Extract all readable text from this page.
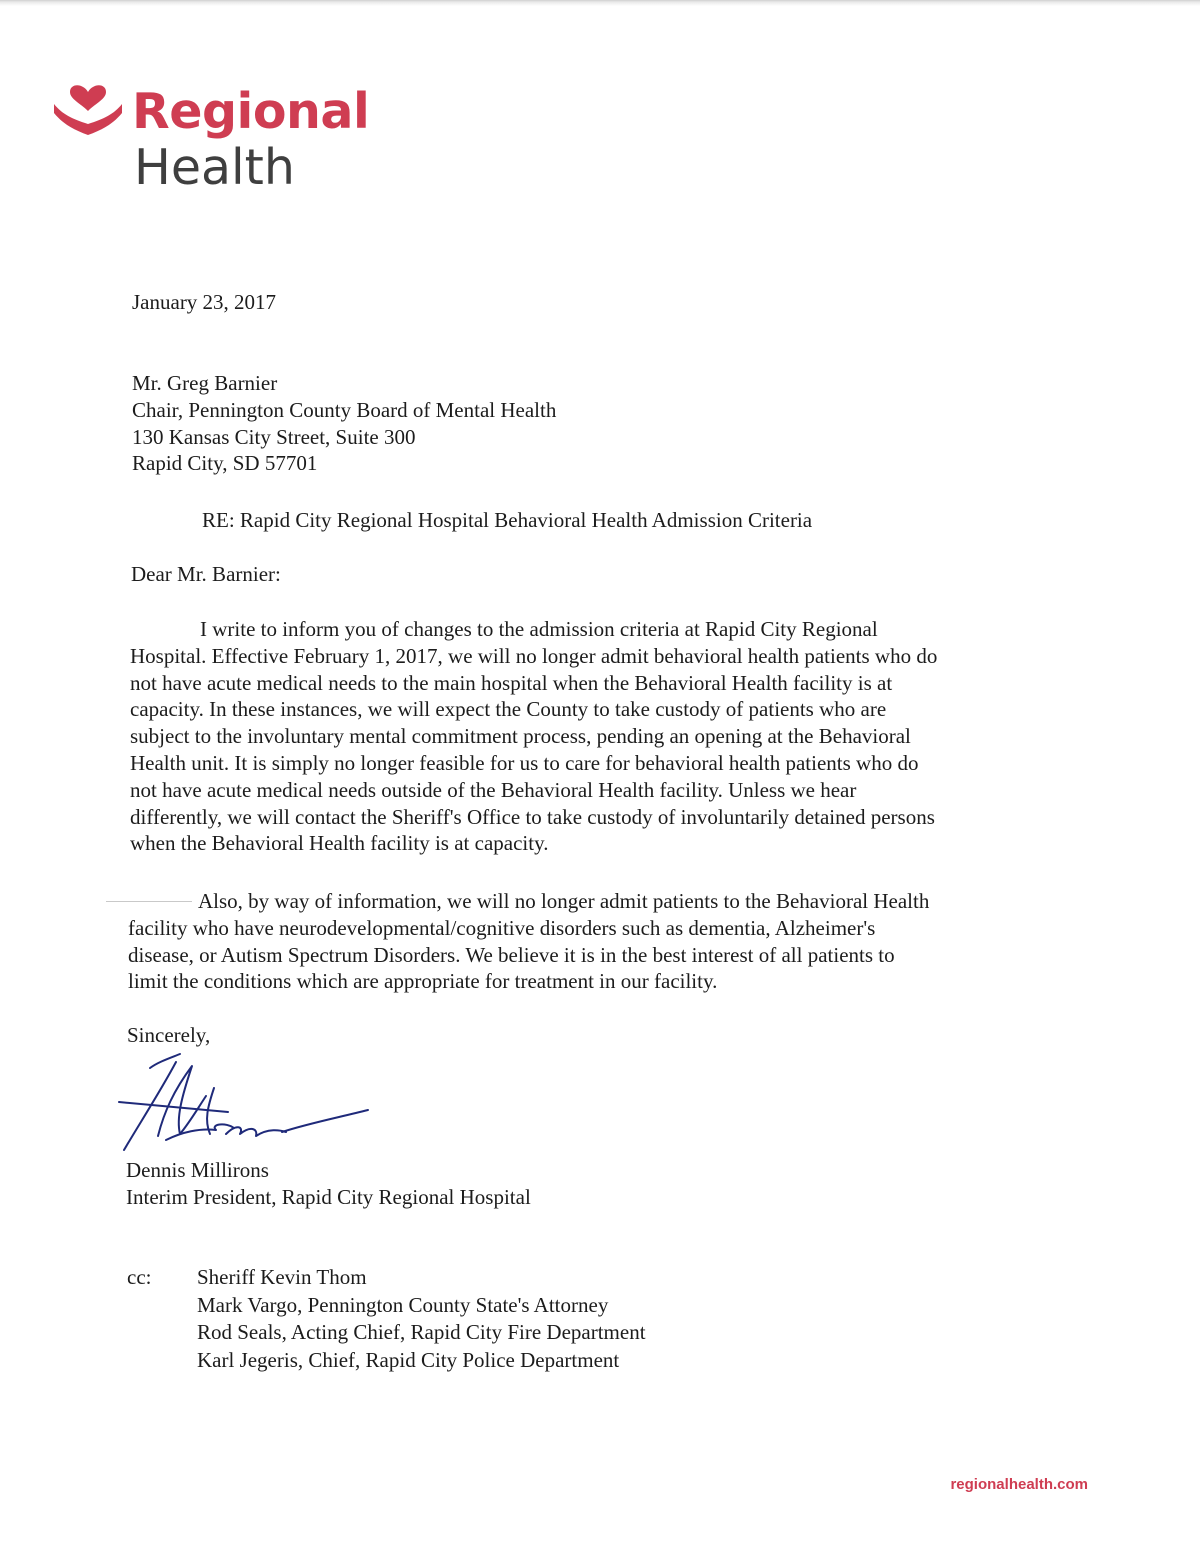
Regional
Health

January 23, 2017

Mr. Greg Barnier
Chair, Pennington County Board of Mental Health
130 Kansas City Street, Suite 300
Rapid City, SD 57701

RE: Rapid City Regional Hospital Behavioral Health Admission Criteria

Dear Mr. Barnier:

I write to inform you of changes to the admission criteria at Rapid City Regional
Hospital. Effective February 1, 2017, we will no longer admit behavioral health patients who do
not have acute medical needs to the main hospital when the Behavioral Health facility is at
capacity. In these instances, we will expect the County to take custody of patients who are
subject to the involuntary mental commitment process, pending an opening at the Behavioral
Health unit. It is simply no longer feasible for us to care for behavioral health patients who do
not have acute medical needs outside of the Behavioral Health facility. Unless we hear
differently, we will contact the Sheriff's Office to take custody of involuntarily detained persons
when the Behavioral Health facility is at capacity.
Also, by way of information, we will no longer admit patients to the Behavioral Health
facility who have neurodevelopmental/cognitive disorders such as dementia, Alzheimer's
disease, or Autism Spectrum Disorders. We believe it is in the best interest of all patients to
limit the conditions which are appropriate for treatment in our facility.

Sincerely,

Dennis Millirons
Interim President, Rapid City Regional Hospital
cc: Sheriff Kevin Thom
Mark Vargo, Pennington County State's Attorney
Rod Seals, Acting Chief, Rapid City Fire Department
Karl Jegeris, Chief, Rapid City Police Department
regionalhealth.com
